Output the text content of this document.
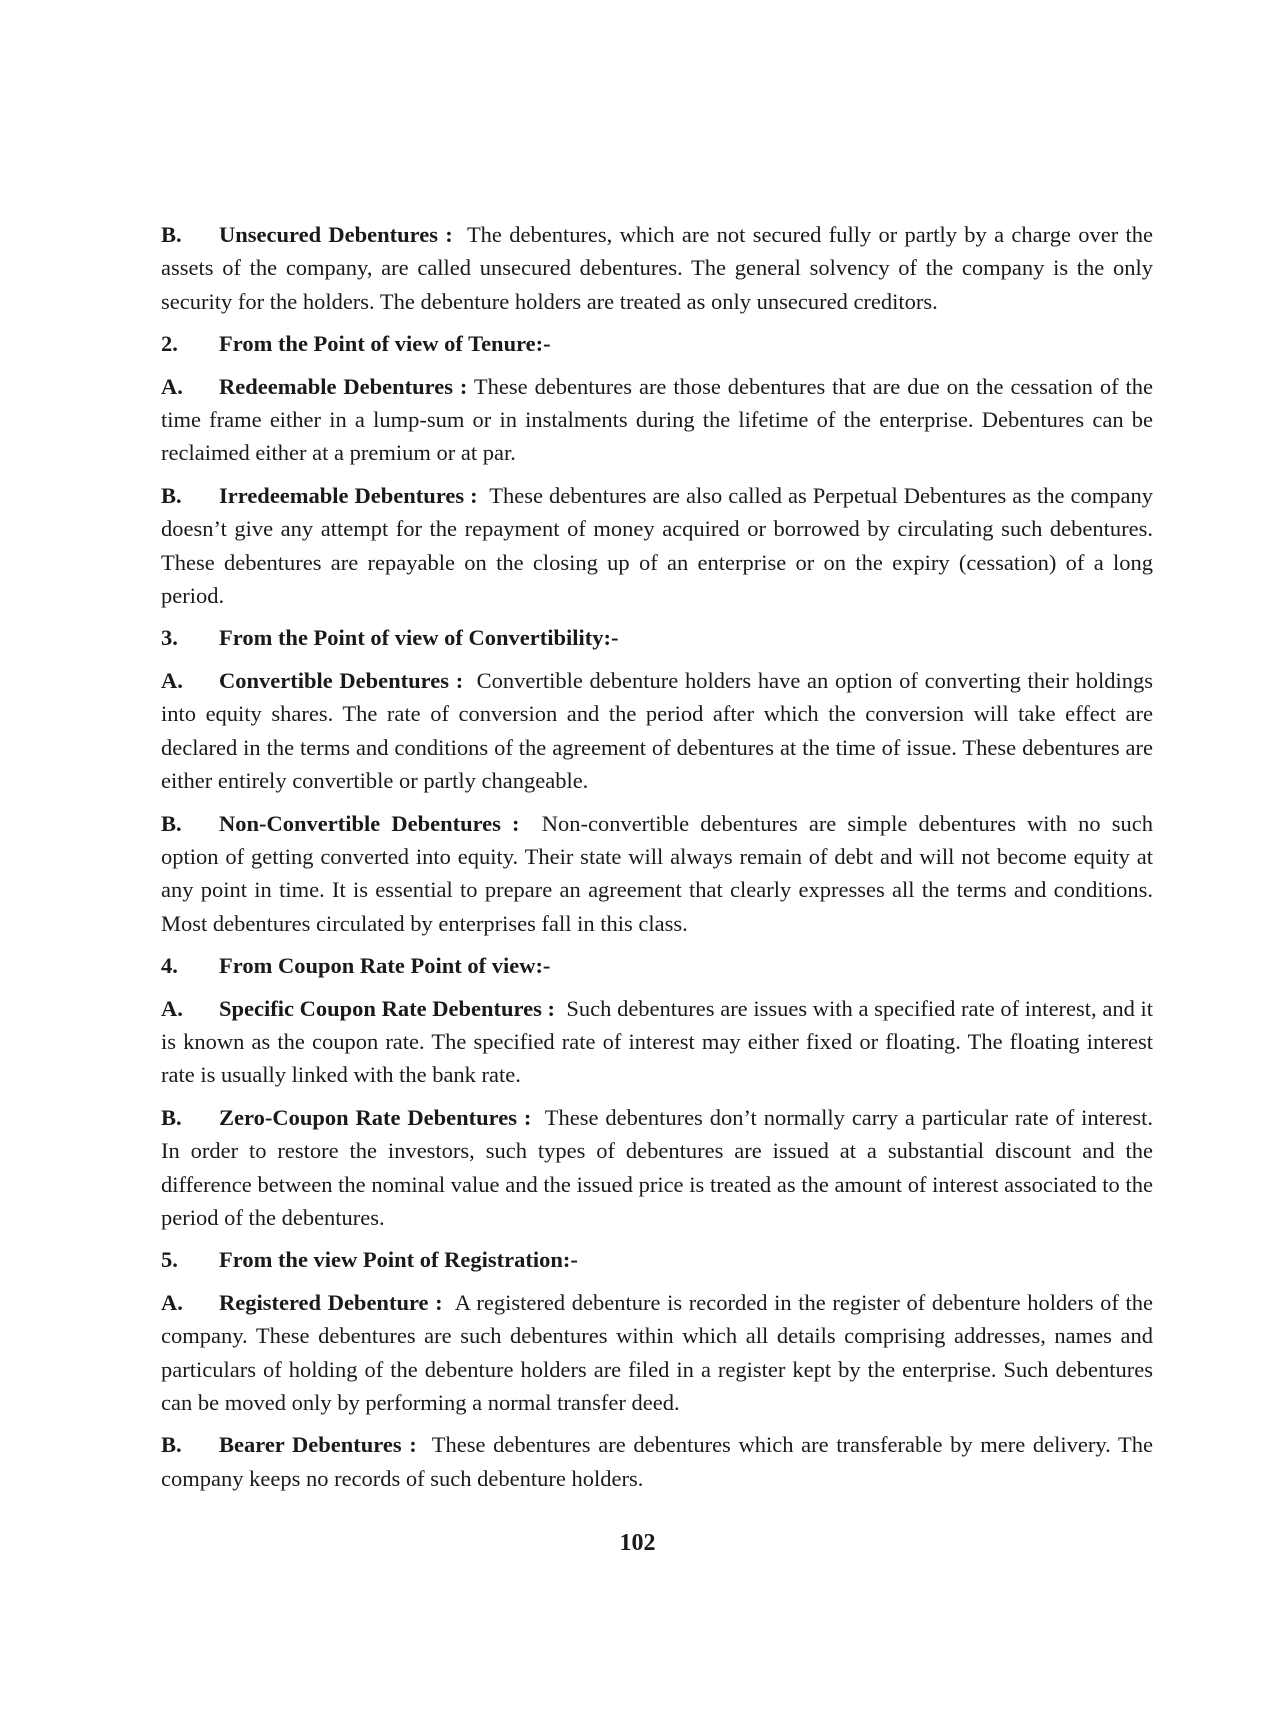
B. Unsecured Debentures : The debentures, which are not secured fully or partly by a charge over the assets of the company, are called unsecured debentures. The general solvency of the company is the only security for the holders. The debenture holders are treated as only unsecured creditors.

2. From the Point of view of Tenure:-

A. Redeemable Debentures : These debentures are those debentures that are due on the cessation of the time frame either in a lump-sum or in instalments during the lifetime of the enterprise. Debentures can be reclaimed either at a premium or at par.

B. Irredeemable Debentures : These debentures are also called as Perpetual Debentures as the company doesn’t give any attempt for the repayment of money acquired or borrowed by circulating such debentures. These debentures are repayable on the closing up of an enterprise or on the expiry (cessation) of a long period.

3. From the Point of view of Convertibility:-

A. Convertible Debentures : Convertible debenture holders have an option of converting their holdings into equity shares. The rate of conversion and the period after which the conversion will take effect are declared in the terms and conditions of the agreement of debentures at the time of issue. These debentures are either entirely convertible or partly changeable.

B. Non-Convertible Debentures : Non-convertible debentures are simple debentures with no such option of getting converted into equity. Their state will always remain of debt and will not become equity at any point in time. It is essential to prepare an agreement that clearly expresses all the terms and conditions. Most debentures circulated by enterprises fall in this class.

4. From Coupon Rate Point of view:-

A. Specific Coupon Rate Debentures : Such debentures are issues with a specified rate of interest, and it is known as the coupon rate. The specified rate of interest may either fixed or floating. The floating interest rate is usually linked with the bank rate.

B. Zero-Coupon Rate Debentures : These debentures don’t normally carry a particular rate of interest. In order to restore the investors, such types of debentures are issued at a substantial discount and the difference between the nominal value and the issued price is treated as the amount of interest associated to the period of the debentures.

5. From the view Point of Registration:-

A. Registered Debenture : A registered debenture is recorded in the register of debenture holders of the company. These debentures are such debentures within which all details comprising addresses, names and particulars of holding of the debenture holders are filed in a register kept by the enterprise. Such debentures can be moved only by performing a normal transfer deed.

B. Bearer Debentures : These debentures are debentures which are transferable by mere delivery. The company keeps no records of such debenture holders.

102
